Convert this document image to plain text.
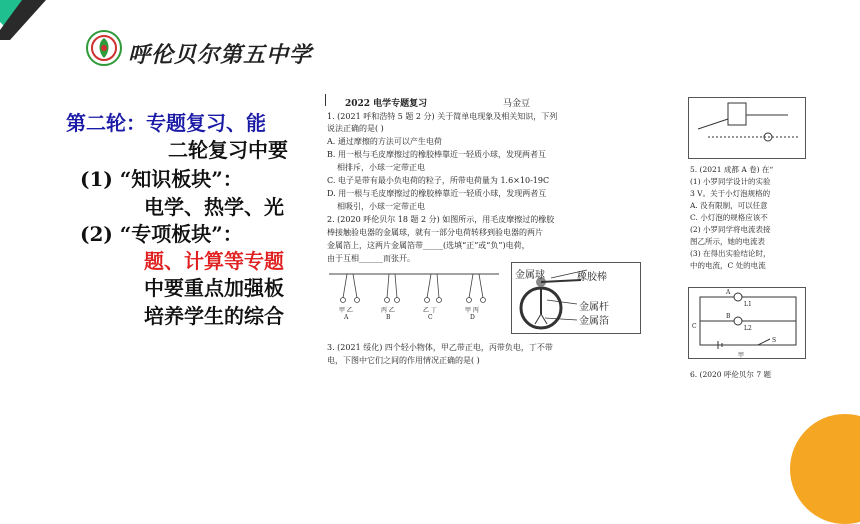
呼伦贝尔第五中学
第二轮：专题复习、能
二轮复习中要
(1) “知识板块”：
电学、热学、光
(2) “专项板块”：
题、计算等专题
中要重点加强板
培养学生的综合
2022 电学专题复习	马金豆
1. (2021 呼和浩特 5 题 2 分) 关于简单电现象及相关知识，下列
说法正确的是( )
A. 通过摩擦的方法可以产生电荷
B. 用一根与毛皮摩擦过的橡胶棒靠近一轻质小球，发现两者互
相排斥，小球一定带正电
C. 电子是带有最小负电荷的粒子，所带电荷量为 1.6×10-19C
D. 用一根与毛皮摩擦过的橡胶棒靠近一轻质小球，发现两者互
相吸引，小球一定带正电
2. (2020 呼伦贝尔 18 题 2 分) 如图所示，用毛皮摩擦过的橡胶
棒接触验电器的金属球，就有一部分电荷转移到验电器的两片
金属箔上，这两片金属箔带_____(选填“正”或“负”)电荷，
由于互相______而张开。
甲 乙	丙 乙	乙 丁	甲 丙
A	B	C	D
金属球	橡胶棒
金属杆
金属箔
3. (2021 绥化) 四个轻小物体，甲乙带正电，丙带负电，丁不带
电，下图中它们之间的作用情况正确的是( )
5. (2021 成都 A 卷) 在“
(1) 小罗同学设计的实验
3 V。关于小灯泡规格的
A. 没有限制，可以任意
C. 小灯泡的规格应该不
(2) 小罗同学将电流表接
图乙所示，她的电流表
(3) 在得出实验结论时，
中的电流，C 处的电流
A
B
C
L1
L2
S
甲
6. (2020 呼伦贝尔 7 题
